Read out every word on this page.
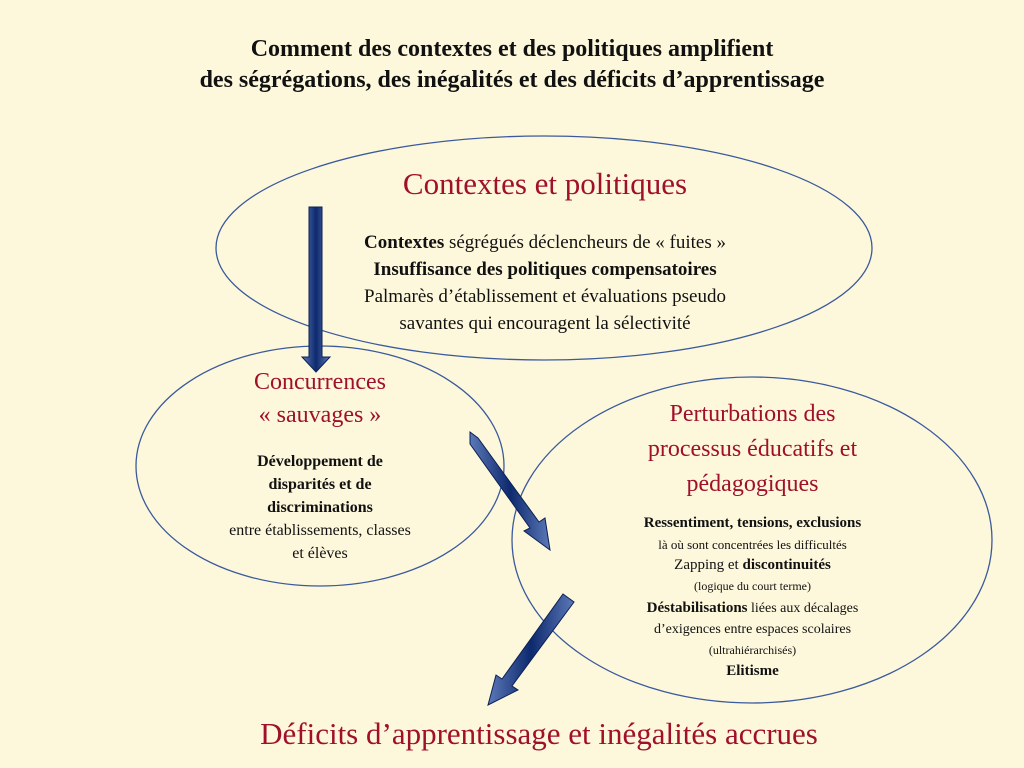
Comment des contextes et des politiques amplifient
des ségrégations, des inégalités et des déficits d’apprentissage
Contextes et politiques
Contextes ségrégués déclencheurs de « fuites »
Insuffisance des politiques compensatoires
Palmarès d’établissement et évaluations pseudo
savantes qui encouragent la sélectivité
Concurrences
« sauvages »
Développement de
disparités et de
discriminations
entre établissements, classes
et élèves
Perturbations des
processus éducatifs et
pédagogiques
Ressentiment, tensions, exclusions
là où sont concentrées les difficultés
Zapping et discontinuités
(logique du court terme)
Déstabilisations liées aux décalages
d’exigences entre espaces scolaires
(ultrahiérarchisés)
Elitisme
Déficits d’apprentissage et inégalités accrues
